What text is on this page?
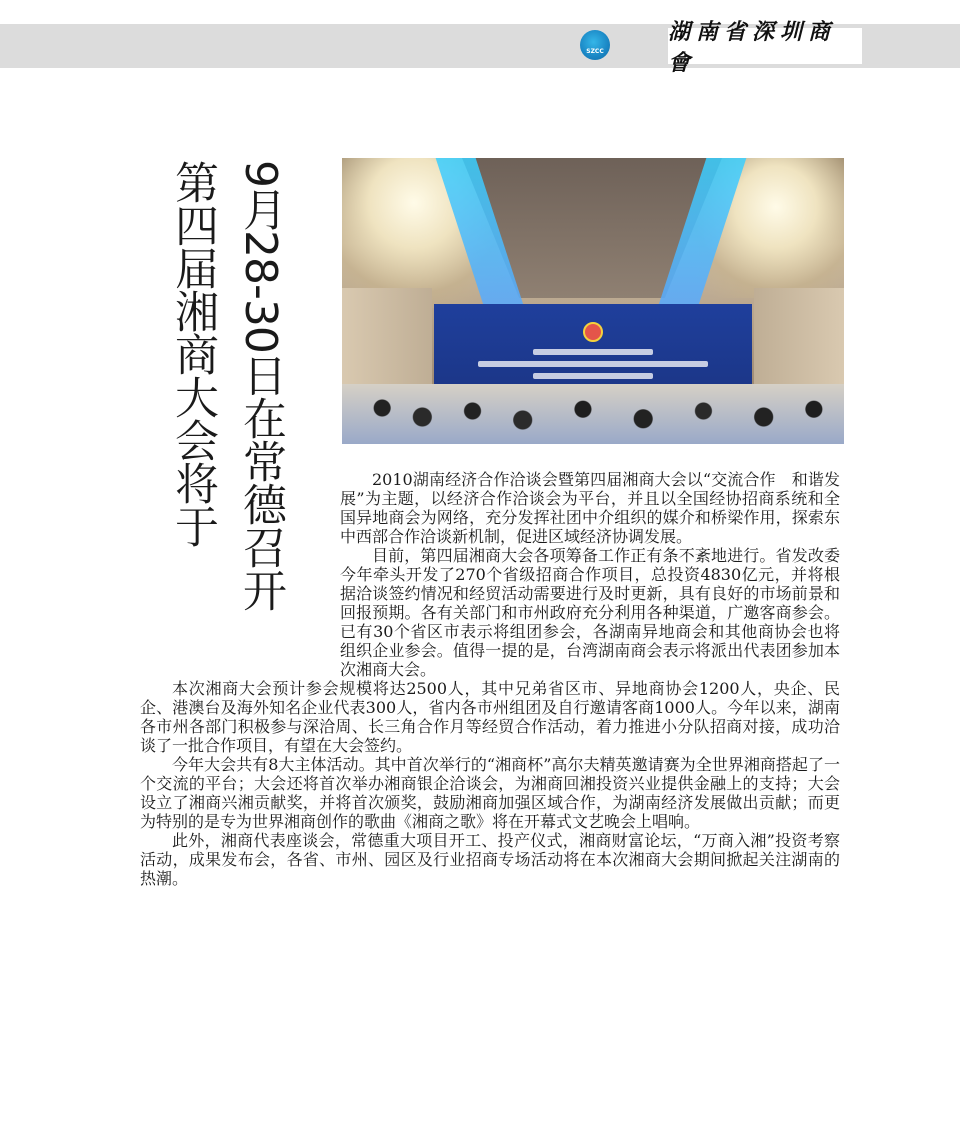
SZCC
湖南省深圳商會
9月28-30日在常德召开
第四届湘商大会将于	2010湖南经济合作洽谈会暨第四届湘商大会以“交流合作　和谐发展”为主题，以经济合作洽谈会为平台，并且以全国经协招商系统和全国异地商会为网络，充分发挥社团中介组织的媒介和桥梁作用，探索东中西部合作洽谈新机制，促进区域经济协调发展。

目前，第四届湘商大会各项筹备工作正有条不紊地进行。省发改委今年牵头开发了270个省级招商合作项目，总投资4830亿元，并将根据洽谈签约情况和经贸活动需要进行及时更新，具有良好的市场前景和回报预期。各有关部门和市州政府充分利用各种渠道，广邀客商参会。已有30个省区市表示将组团参会，各湖南异地商会和其他商协会也将组织企业参会。值得一提的是，台湾湖南商会表示将派出代表团参加本次湘商大会。

本次湘商大会预计参会规模将达2500人，其中兄弟省区市、异地商协会1200人，央企、民企、港澳台及海外知名企业代表300人，省内各市州组团及自行邀请客商1000人。今年以来，湖南各市州各部门积极参与深洽周、长三角合作月等经贸合作活动，着力推进小分队招商对接，成功洽谈了一批合作项目，有望在大会签约。

今年大会共有8大主体活动。其中首次举行的“湘商杯”高尔夫精英邀请赛为全世界湘商搭起了一个交流的平台；大会还将首次举办湘商银企洽谈会，为湘商回湘投资兴业提供金融上的支持；大会设立了湘商兴湘贡献奖，并将首次颁奖，鼓励湘商加强区域合作，为湖南经济发展做出贡献；而更为特别的是专为世界湘商创作的歌曲《湘商之歌》将在开幕式文艺晚会上唱响。

此外，湘商代表座谈会，常德重大项目开工、投产仪式，湘商财富论坛，“万商入湘”投资考察活动，成果发布会，各省、市州、园区及行业招商专场活动将在本次湘商大会期间掀起关注湖南的热潮。
